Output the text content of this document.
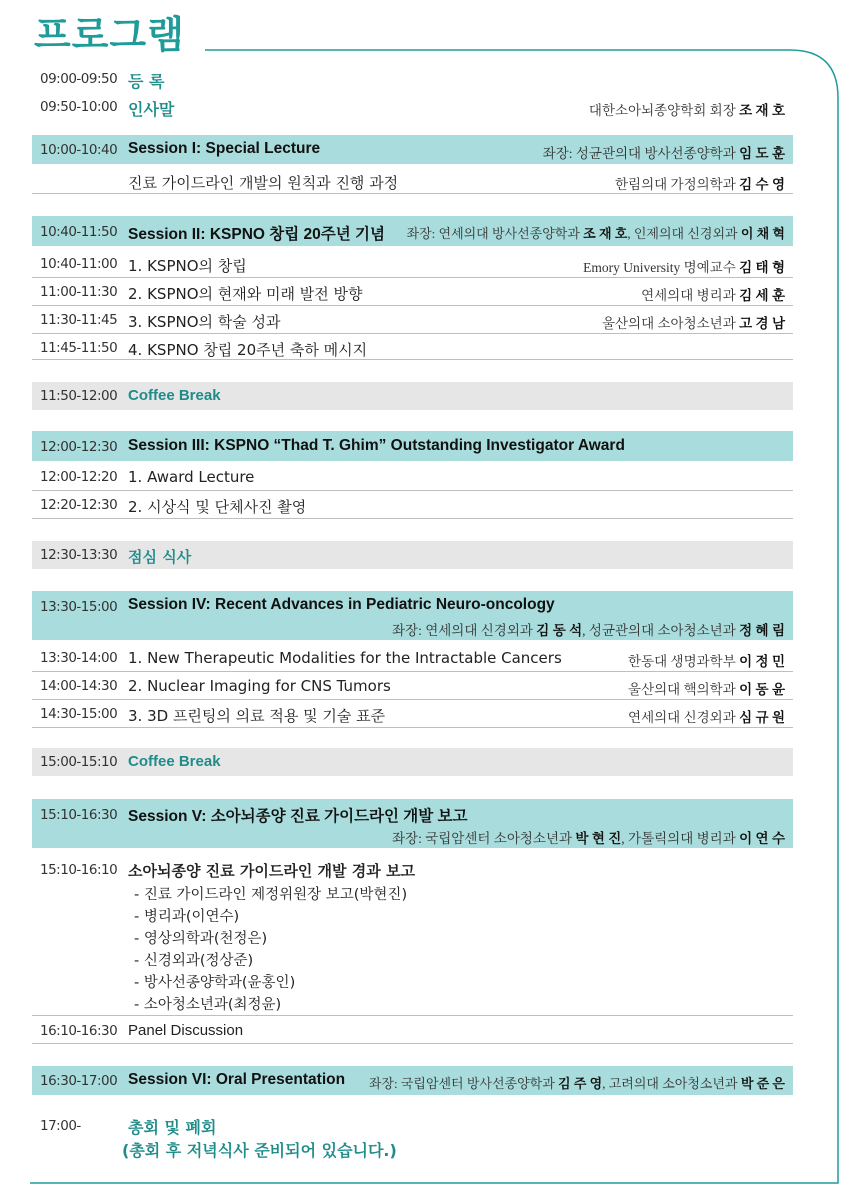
프로그램
09:00-09:50 등 록
09:50-10:00 인사말	대한소아뇌종양학회 회장 조 재 호
10:00-10:40 Session I: Special Lecture	좌장: 성균관의대 방사선종양학과 임 도 훈
진료 가이드라인 개발의 원칙과 진행 과정	한림의대 가정의학과 김 수 영
10:40-11:50 Session II: KSPNO 창립 20주년 기념 좌장: 연세의대 방사선종양학과 조 재 호, 인제의대 신경외과 이 채 혁
10:40-11:00 1. KSPNO의 창립	Emory University 명예교수 김 태 형
11:00-11:30 2. KSPNO의 현재와 미래 발전 방향	연세의대 병리과 김 세 훈
11:30-11:45 3. KSPNO의 학술 성과	울산의대 소아청소년과 고 경 남
11:45-11:50 4. KSPNO 창립 20주년 축하 메시지
11:50-12:00 Coffee Break
12:00-12:30 Session III: KSPNO “Thad T. Ghim” Outstanding Investigator Award
12:00-12:20 1. Award Lecture
12:20-12:30 2. 시상식 및 단체사진 촬영
12:30-13:30 점심 식사
13:30-15:00 Session IV: Recent Advances in Pediatric Neuro-oncology
좌장: 연세의대 신경외과 김 동 석, 성균관의대 소아청소년과 정 혜 림
13:30-14:00 1. New Therapeutic Modalities for the Intractable Cancers	한동대 생명과학부 이 정 민
14:00-14:30 2. Nuclear Imaging for CNS Tumors	울산의대 핵의학과 이 동 윤
14:30-15:00 3. 3D 프린팅의 의료 적용 및 기술 표준	연세의대 신경외과 심 규 원
15:00-15:10 Coffee Break
15:10-16:30 Session V: 소아뇌종양 진료 가이드라인 개발 보고
좌장: 국립암센터 소아청소년과 박 현 진, 가톨릭의대 병리과 이 연 수
15:10-16:10 소아뇌종양 진료 가이드라인 개발 경과 보고
- 진료 가이드라인 제정위원장 보고(박현진)
- 병리과(이연수)
- 영상의학과(천정은)
- 신경외과(정상준)
- 방사선종양학과(윤홍인)
- 소아청소년과(최정윤)
16:10-16:30 Panel Discussion
16:30-17:00 Session VI: Oral Presentation 좌장: 국립암센터 방사선종양학과 김 주 영, 고려의대 소아청소년과 박 준 은
17:00-	총회 및 폐회
(총회 후 저녁식사 준비되어 있습니다.)
